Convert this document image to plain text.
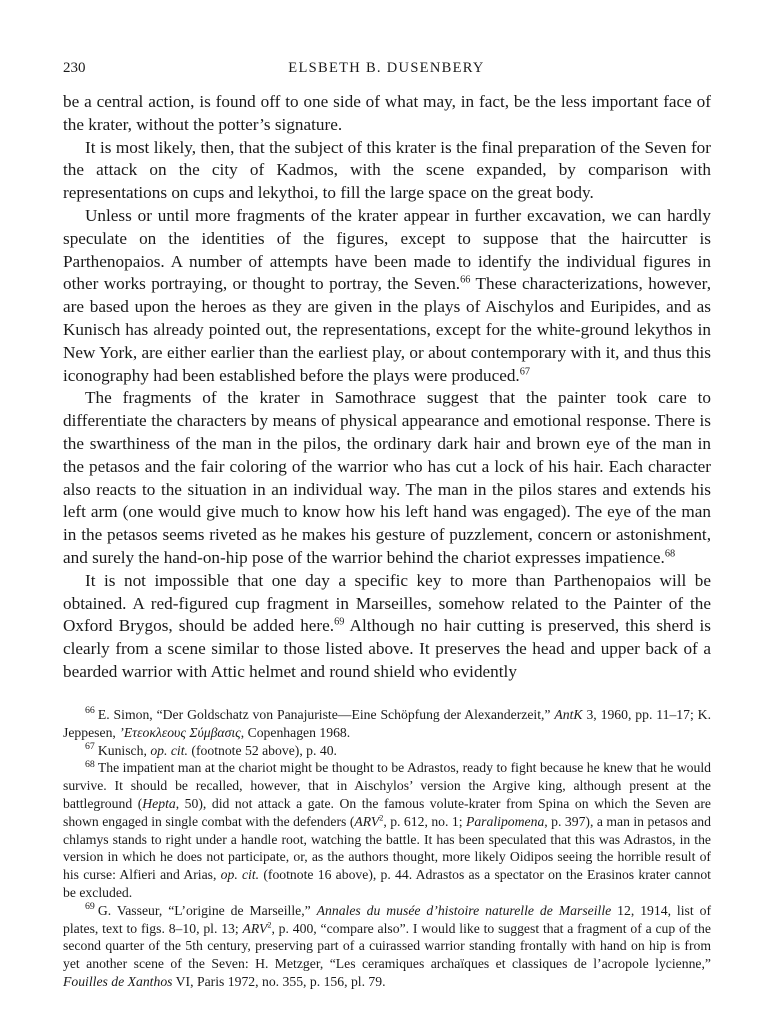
230	ELSBETH B. DUSENBERY

be a central action, is found off to one side of what may, in fact, be the less important face of the krater, without the potter’s signature.

It is most likely, then, that the subject of this krater is the final preparation of the Seven for the attack on the city of Kadmos, with the scene expanded, by comparison with representations on cups and lekythoi, to fill the large space on the great body.

Unless or until more fragments of the krater appear in further excavation, we can hardly speculate on the identities of the figures, except to suppose that the haircutter is Parthenopaios. A number of attempts have been made to identify the individual figures in other works portraying, or thought to portray, the Seven.$^{66}$ These characterizations, however, are based upon the heroes as they are given in the plays of Aischylos and Euripides, and as Kunisch has already pointed out, the representations, except for the white-ground lekythos in New York, are either earlier than the earliest play, or about contemporary with it, and thus this iconography had been established before the plays were produced.$^{67}$

The fragments of the krater in Samothrace suggest that the painter took care to differentiate the characters by means of physical appearance and emotional response. There is the swarthiness of the man in the pilos, the ordinary dark hair and brown eye of the man in the petasos and the fair coloring of the warrior who has cut a lock of his hair. Each character also reacts to the situation in an individual way. The man in the pilos stares and extends his left arm (one would give much to know how his left hand was engaged). The eye of the man in the petasos seems riveted as he makes his gesture of puzzlement, concern or astonishment, and surely the hand-on-hip pose of the warrior behind the chariot expresses impatience.$^{68}$

It is not impossible that one day a specific key to more than Parthenopaios will be obtained. A red-figured cup fragment in Marseilles, somehow related to the Painter of the Oxford Brygos, should be added here.$^{69}$ Although no hair cutting is preserved, this sherd is clearly from a scene similar to those listed above. It preserves the head and upper back of a bearded warrior with Attic helmet and round shield who evidently

$^{66}$ E. Simon, “Der Goldschatz von Panajuriste—Eine Schöpfung der Alexanderzeit,” AntK 3, 1960, pp. 11–17; K. Jeppesen, ’Ετεοκλεους Σύμβασις, Copenhagen 1968.

$^{67}$ Kunisch, op. cit. (footnote 52 above), p. 40.

$^{68}$ The impatient man at the chariot might be thought to be Adrastos, ready to fight because he knew that he would survive. It should be recalled, however, that in Aischylos’ version the Argive king, although present at the battleground (Hepta, 50), did not attack a gate. On the famous volute-krater from Spina on which the Seven are shown engaged in single combat with the defenders (ARV$^2$, p. 612, no. 1; Paralipomena, p. 397), a man in petasos and chlamys stands to right under a handle root, watching the battle. It has been speculated that this was Adrastos, in the version in which he does not participate, or, as the authors thought, more likely Oidipos seeing the horrible result of his curse: Alfieri and Arias, op. cit. (footnote 16 above), p. 44. Adrastos as a spectator on the Erasinos krater cannot be excluded.

$^{69}$ G. Vasseur, “L’origine de Marseille,” Annales du musée d’histoire naturelle de Marseille 12, 1914, list of plates, text to figs. 8–10, pl. 13; ARV$^2$, p. 400, “compare also”. I would like to suggest that a fragment of a cup of the second quarter of the 5th century, preserving part of a cuirassed warrior standing frontally with hand on hip is from yet another scene of the Seven: H. Metzger, “Les ceramiques archaïques et classiques de l’acropole lycienne,” Fouilles de Xanthos VI, Paris 1972, no. 355, p. 156, pl. 79.
